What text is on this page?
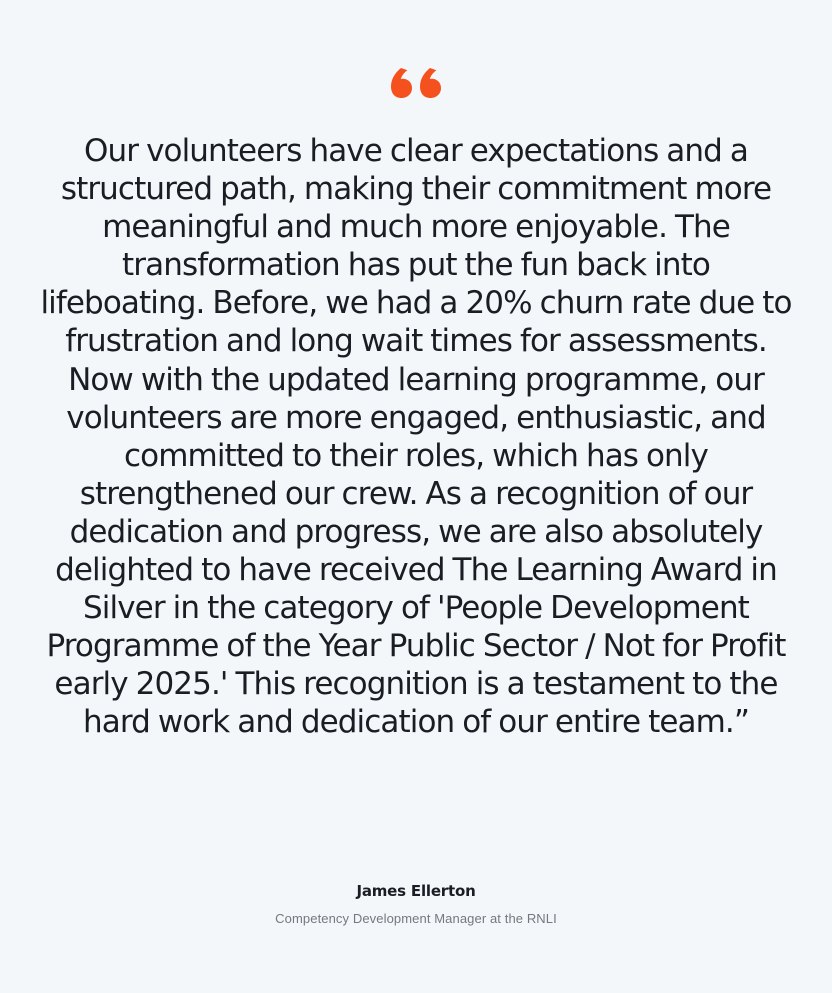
Our volunteers have clear expectations and a structured path, making their commitment more meaningful and much more enjoyable. The transformation has put the fun back into lifeboating. Before, we had a 20% churn rate due to frustration and long wait times for assessments. Now with the updated learning programme, our volunteers are more engaged, enthusiastic, and committed to their roles, which has only strengthened our crew. As a recognition of our dedication and progress, we are also absolutely delighted to have received The Learning Award in Silver in the category of 'People Development Programme of the Year Public Sector / Not for Profit early 2025.' This recognition is a testament to the hard work and dedication of our entire team.”

James Ellerton
Competency Development Manager at the RNLI
